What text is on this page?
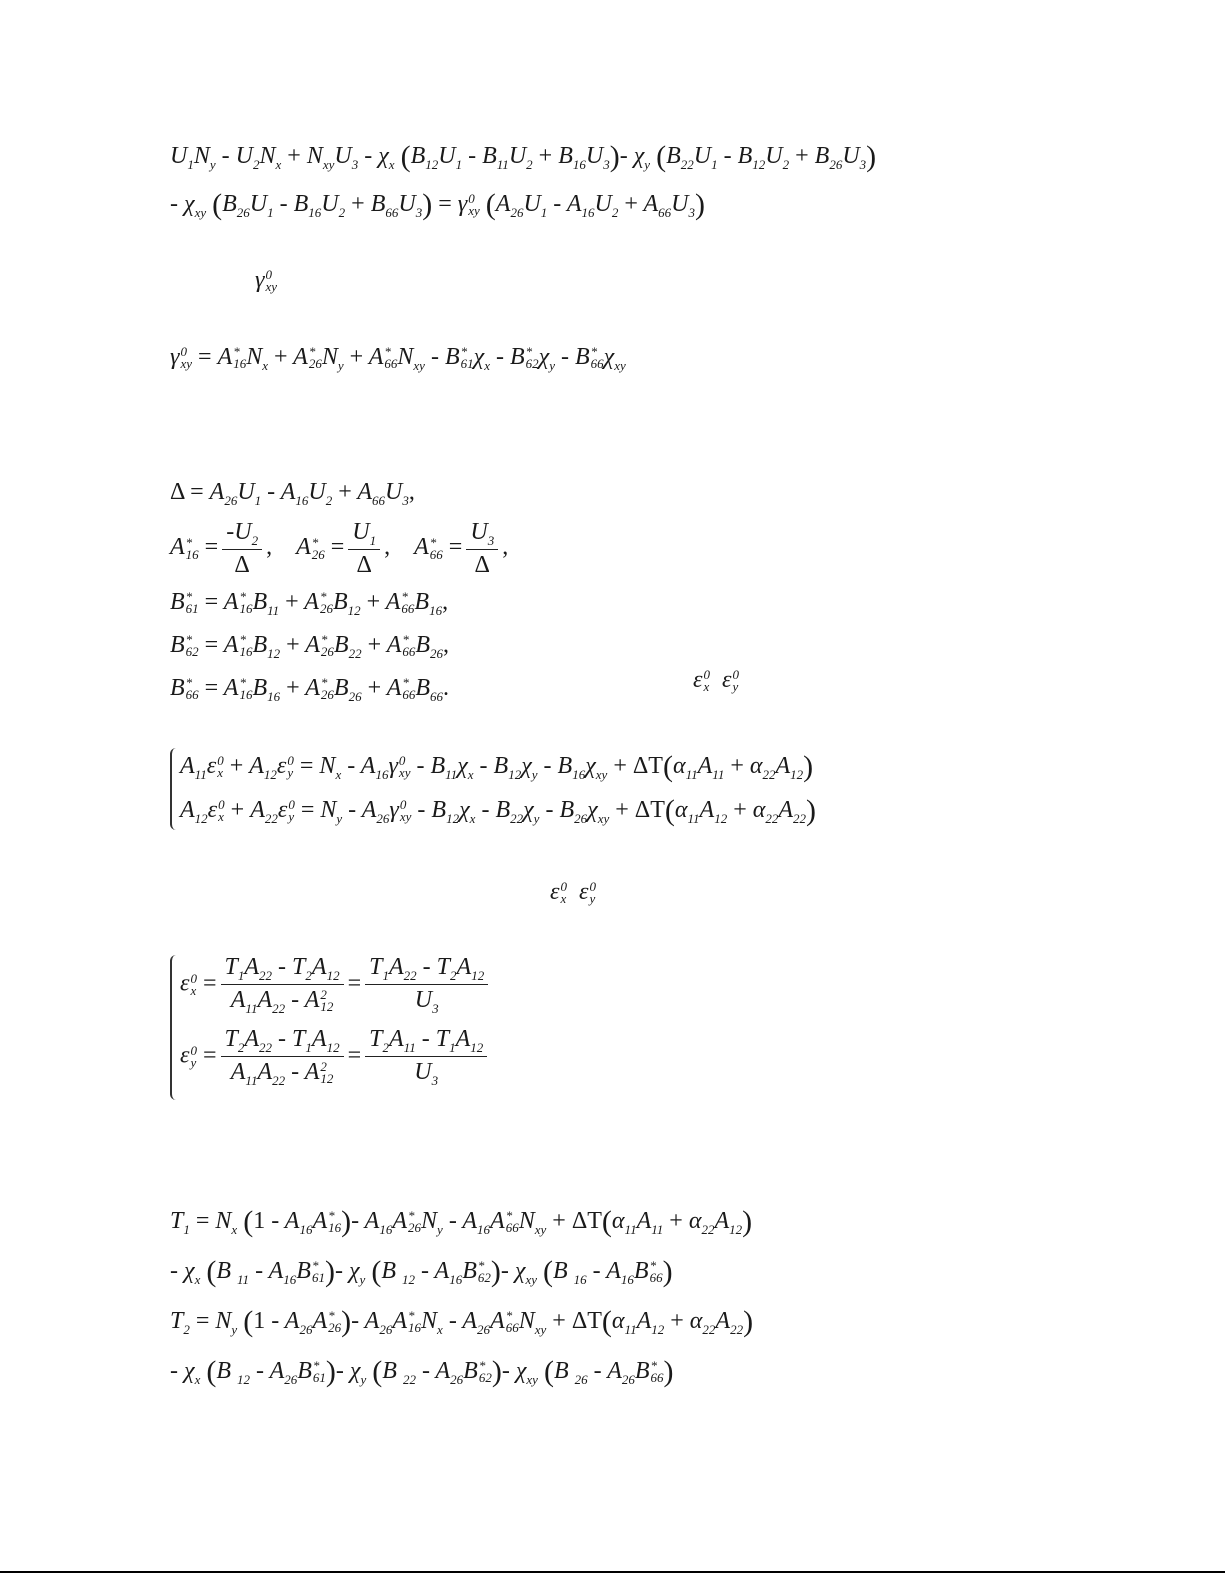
$U_1N_y - U_2N_x + N_{xy}U_3 - \chi_x$ $(B_{12}U_1 - B_{11}U_2 + B_{16}U_3)-$ $\chi_y$ $(B_{22}U_1 - B_{12}U_2 + B_{26}U_3)$
- $\chi_{xy}$ $(B_{26}U_1 - B_{16}U_2 + B_{66}U_3) = \gamma$ 0
xy $(A_{26}U_1 - A_{16}U_2 + A_{66}U_3)$
γ 0
xy
γ 0
xy = A *
16 $N_x + A$ *
26 $N_y + A$ *
66 $N_{xy}$ - B *
61 $\chi_x$ - B *
62 $\chi_y$ - B *
66 $\chi_{xy}$
$\Delta = A_{26}U_1 - A_{16}U_2 + A_{66}U_3$,
A *
$16 = \frac{-U_2}{\Delta}$ ,    A *
$26 = \frac{U_1}{\Delta}$ ,    A *
$66 = \frac{U_3}{\Delta}$ ,
B *
61 = A *
16 $B_{11} + A$ *
26 $B_{12} + A$ *
66 $B_{16}$,
B *
62 = A *
16 $B_{12} + A$ *
26 $B_{22} + A$ *
66 $B_{26}$,
B *
66 = A *
16 $B_{16} + A$ *
26 $B_{26} + A$ *
66 $B_{66}$.	ε 0
x ε 0
y
$A_{11}\varepsilon$ 0
$x + A_{12}\varepsilon$ 0
$y = N_x - A_{16}\gamma$ 0
xy - $B_{11}\chi_x - B_{12}\chi_y - B_{16}\chi_{xy} + \Delta T(\alpha_{11}A_{11} + \alpha_{22}A_{12})$
$A_{12}\varepsilon$ 0
$x + A_{22}\varepsilon$ 0
$y = N_y - A_{26}\gamma$ 0
xy - $B_{12}\chi_x - B_{22}\chi_y - B_{26}\chi_{xy} + \Delta T(\alpha_{11}A_{12} + \alpha_{22}A_{22})$
ε 0
x ε 0
y
ε 0
$x = T_1A_{22} - T_2A_{12}$
$A_{11}A_{22}$ - A 2
$12 = \frac{T_1A_{22} - T_2A_{12}}{U_3}$
ε 0
$y = T_2A_{22} - T_1A_{12}$
$A_{11}A_{22}$ - A 2
$12 = \frac{T_2A_{11} - T_1A_{12}}{U_3}$
$T_1 = N_x$ ($1 - A_{16}A$ *
16 )- $A_{16}A$ *
26 $N_y - A_{16}A$ *
66 $N_{xy} + \Delta T(\alpha_{11}A_{11} + \alpha_{22}A_{12})$
- $\chi_x$ (B $_{11} - A_{16}B$ *
61 )- $\chi_y$ (B $_{12} - A_{16}B$ *
62 )- $\chi_{xy}$ (B $_{16} - A_{16}B$ *
66 )
$T_2 = N_y$ ($1 - A_{26}A$ *
26 )- $A_{26}A$ *
16 $N_x - A_{26}A$ *
66 $N_{xy} + \Delta T(\alpha_{11}A_{12} + \alpha_{22}A_{22})$
- $\chi_x$ (B $_{12} - A_{26}B$ *
61 )- $\chi_y$ (B $_{22} - A_{26}B$ *
62 )- $\chi_{xy}$ (B $_{26} - A_{26}B$ *
66 )
